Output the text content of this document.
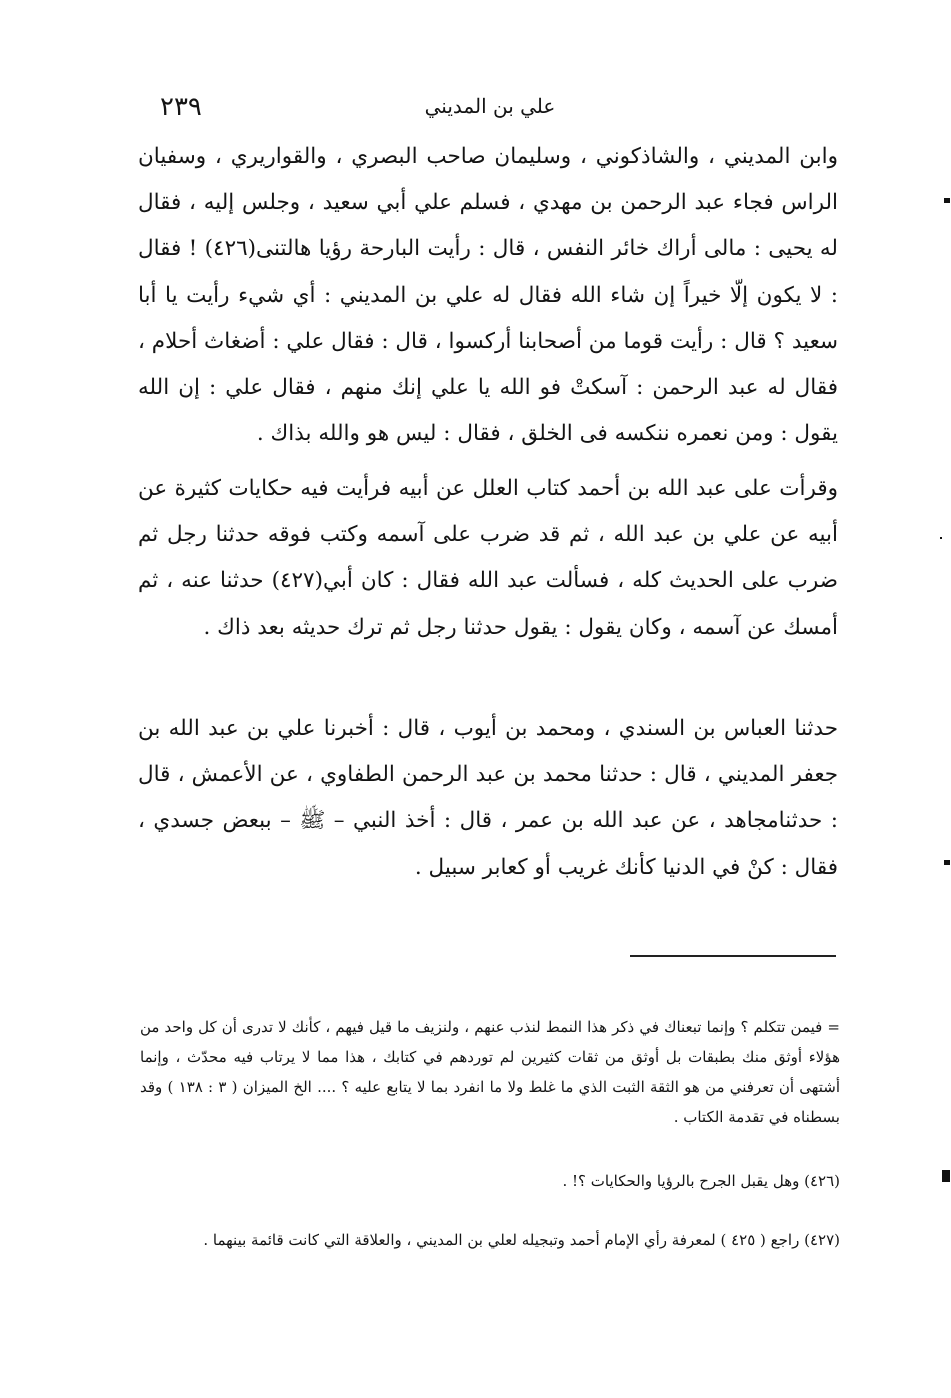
٢٣٩	علي بن المديني
وابن المديني ، والشاذكوني ، وسليمان صاحب البصري ، والقواريري ، وسفيان الراس فجاء عبد الرحمن بن مهدي ، فسلم علي أبي سعيد ، وجلس إليه ، فقال له يحيى : مالى أراك خائر النفس ، قال : رأيت البارحة رؤيا هالتنى(٤٢٦) ! فقال : لا يكون إلّا خيراً إن شاء الله فقال له علي بن المديني : أي شيء رأيت يا أبا سعيد ؟ قال : رأيت قوما من أصحابنا أركسوا ، قال : فقال علي : أضغاث أحلام ، فقال له عبد الرحمن : آسكتْ فو الله يا علي إنك منهم ، فقال علي : إن الله يقول : ومن نعمره ننكسه فى الخلق ، فقال : ليس هو والله بذاك .
وقرأت على عبد الله بن أحمد كتاب العلل عن أبيه فرأيت فيه حكايات كثيرة عن أبيه عن علي بن عبد الله ، ثم قد ضرب على آسمه وكتب فوقه حدثنا رجل ثم ضرب على الحديث كله ، فسألت عبد الله فقال : كان أبي(٤٢٧) حدثنا عنه ، ثم أمسك عن آسمه ، وكان يقول : يقول حدثنا رجل ثم ترك حديثه بعد ذاك .
حدثنا العباس بن السندي ، ومحمد بن أيوب ، قال : أخبرنا علي بن عبد الله بن جعفر المديني ، قال : حدثنا محمد بن عبد الرحمن الطفاوي ، عن الأعمش ، قال : حدثنامجاهد ، عن عبد الله بن عمر ، قال : أخذ النبي – ﷺ – ببعض جسدي ، فقال : كنْ في الدنيا كأنك غريب أو كعابر سبيل .
= فيمن تتكلم ؟ وإنما تبعناك في ذكر هذا النمط لنذب عنهم ، ولنزيف ما قيل فيهم ، كأنك لا تدرى أن كل واحد من هؤلاء أوثق منك بطبقات بل أوثق من ثقات كثيرين لم توردهم في كتابك ، هذا مما لا يرتاب فيه محدّث ، وإنما أشتهى أن تعرفني من هو الثقة الثبت الذي ما غلط ولا ما انفرد بما لا يتابع عليه ؟ .... الخ الميزان ( ٣ : ١٣٨ ) وقد بسطناه في تقدمة الكتاب .
(٤٢٦) وهل يقبل الجرح بالرؤيا والحكايات ؟! .
(٤٢٧) راجع ( ٤٢٥ ) لمعرفة رأي الإمام أحمد وتبجيله لعلي بن المديني ، والعلاقة التي كانت قائمة بينهما .
